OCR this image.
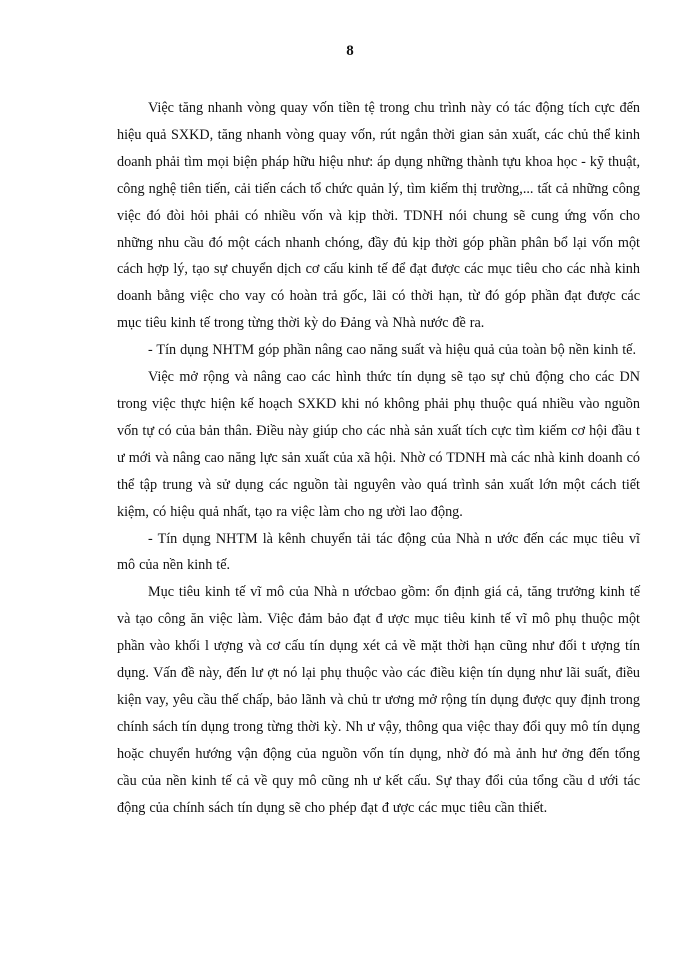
8

Việc tăng nhanh vòng quay vốn tiền tệ trong chu trình này có tác động tích cực đến hiệu quả SXKD, tăng nhanh vòng quay vốn, rút ngắn thời gian sản xuất, các chủ thể kinh doanh phải tìm mọi biện pháp hữu hiệu như: áp dụng những thành tựu khoa học - kỹ thuật, công nghệ tiên tiến, cải tiến cách tổ chức quản lý, tìm kiếm thị trường,... tất cả những công việc đó đòi hỏi phải có nhiều vốn và kịp thời. TDNH nói chung sẽ cung ứng vốn cho những nhu cầu đó một cách nhanh chóng, đầy đủ kịp thời góp phần phân bổ lại vốn một cách hợp lý, tạo sự chuyển dịch cơ cấu kinh tế để đạt được các mục tiêu cho các nhà kinh doanh bằng việc cho vay có hoàn trả gốc, lãi có thời hạn, từ đó góp phần đạt được các mục tiêu kinh tế trong từng thời kỳ do Đảng và Nhà nước đề ra.

- Tín dụng NHTM góp phần nâng cao năng suất và hiệu quả của toàn bộ nền kinh tế.

Việc mở rộng và nâng cao các hình thức tín dụng sẽ tạo sự chủ động cho các DN trong việc thực hiện kế hoạch SXKD khi nó không phải phụ thuộc quá nhiều vào nguồn vốn tự có của bản thân. Điều này giúp cho các nhà sản xuất tích cực tìm kiếm cơ hội đầu t ư mới và nâng cao năng lực sản xuất của xã hội. Nhờ có TDNH mà các nhà kinh doanh có thể tập trung và sử dụng các nguồn tài nguyên vào quá trình sản xuất lớn một cách tiết kiệm, có hiệu quả nhất, tạo ra việc làm cho ng ười lao động.

- Tín dụng NHTM là kênh chuyển tải tác động của Nhà n ước đến các mục tiêu vĩ mô của nền kinh tế.

Mục tiêu kinh tế vĩ mô của Nhà n ướcbao gồm: ổn định giá cả, tăng trưởng kinh tế và tạo công ăn việc làm. Việc đảm bảo đạt đ ược mục tiêu kinh tế vĩ mô phụ thuộc một phần vào khối l ượng và cơ cấu tín dụng xét cả về mặt thời hạn cũng như đối t ượng tín dụng. Vấn đề này, đến lư ợt nó lại phụ thuộc vào các điều kiện tín dụng như lãi suất, điều kiện vay, yêu cầu thế chấp, bảo lãnh và chủ tr ương mở rộng tín dụng được quy định trong chính sách tín dụng trong từng thời kỳ. Nh ư vậy, thông qua việc thay đổi quy mô tín dụng hoặc chuyển hướng vận động của nguồn vốn tín dụng, nhờ đó mà ảnh hư ởng đến tổng cầu của nền kinh tế cả về quy mô cũng nh ư kết cấu. Sự thay đổi của tổng cầu d ưới tác động của chính sách tín dụng sẽ cho phép đạt đ ược các mục tiêu cần thiết.
